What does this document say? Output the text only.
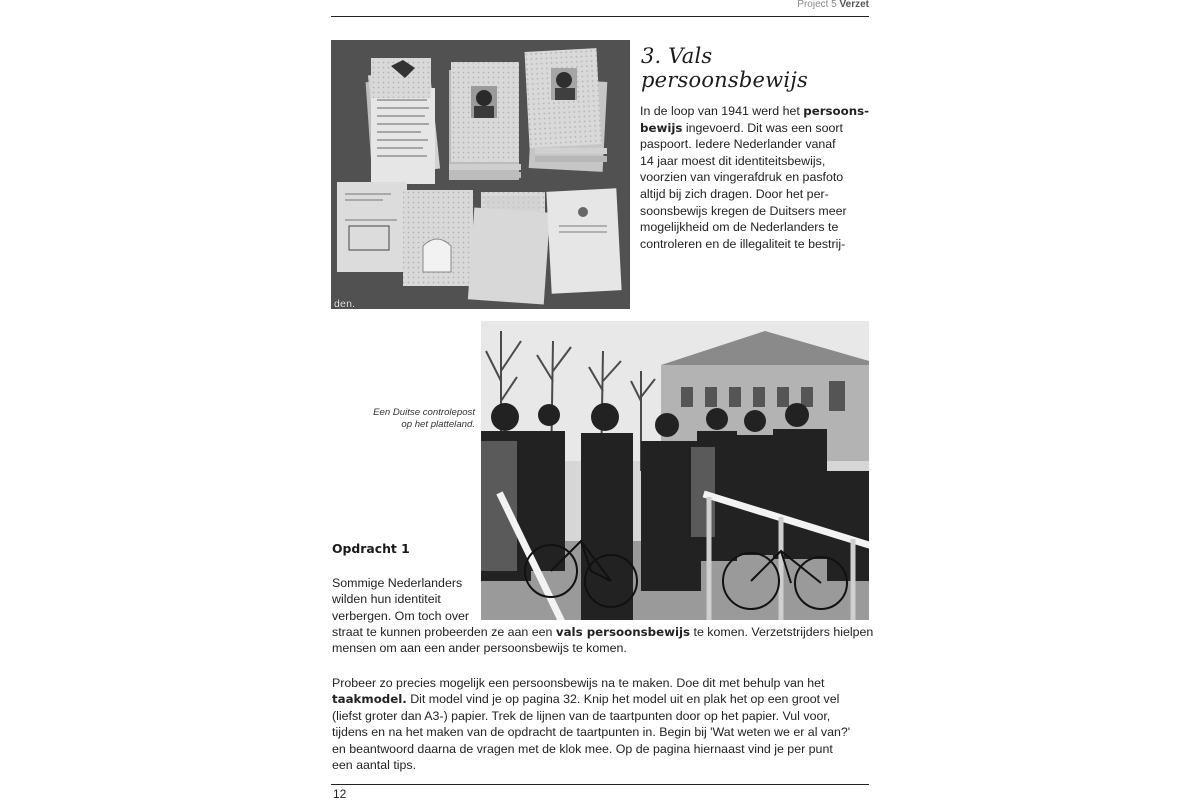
Project 5 Verzet
den.
3. Vals persoonsbewijs
In de loop van 1941 werd het persoons-
bewijs ingevoerd. Dit was een soort
paspoort. Iedere Nederlander vanaf
14 jaar moest dit identiteitsbewijs,
voorzien van vingerafdruk en pasfoto
altijd bij zich dragen. Door het per-
soonsbewijs kregen de Duitsers meer
mogelijkheid om de Nederlanders te
controleren en de illegaliteit te bestrij-
Een Duitse controlepost
op het platteland.
Opdracht 1
Sommige Nederlanders
wilden hun identiteit
verbergen. Om toch over
straat te kunnen probeerden ze aan een vals persoonsbewijs te komen. Verzetstrijders hielpen
mensen om aan een ander persoonsbewijs te komen.
Probeer zo precies mogelijk een persoonsbewijs na te maken. Doe dit met behulp van het
taakmodel. Dit model vind je op pagina 32. Knip het model uit en plak het op een groot vel
(liefst groter dan A3-) papier. Trek de lijnen van de taartpunten door op het papier. Vul voor,
tijdens en na het maken van de opdracht de taartpunten in. Begin bij 'Wat weten we er al van?'
en beantwoord daarna de vragen met de klok mee. Op de pagina hiernaast vind je per punt
een aantal tips.
12
